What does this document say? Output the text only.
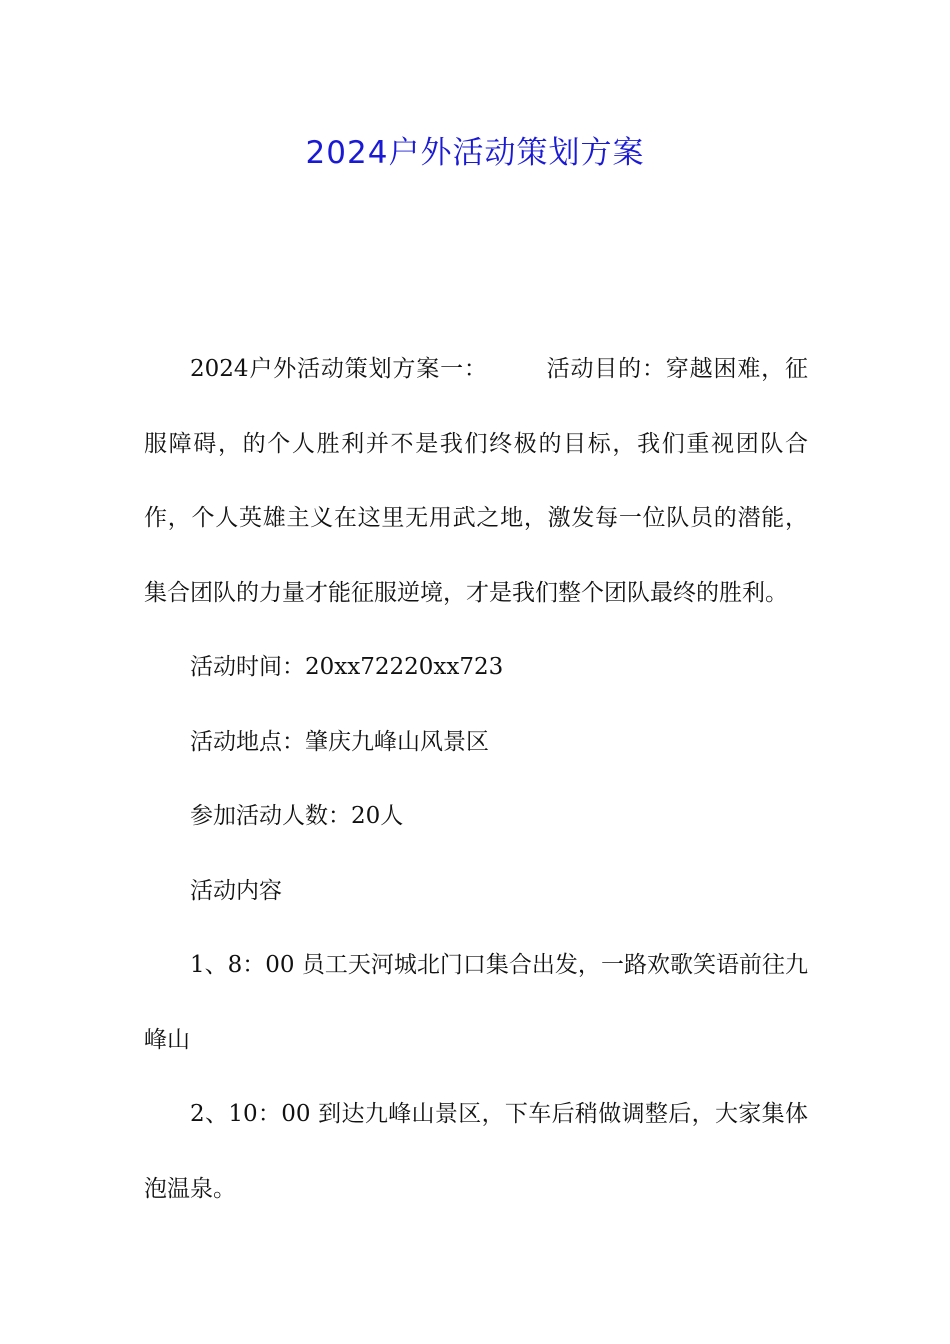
2024户外活动策划方案

2024户外活动策划方案一：	活动目的：穿越困难，征服障碍，的个人胜利并不是我们终极的目标，我们重视团队合作，个人英雄主义在这里无用武之地，激发每一位队员的潜能，集合团队的力量才能征服逆境，才是我们整个团队最终的胜利。

活动时间：20xx72220xx723

活动地点：肇庆九峰山风景区

参加活动人数：20人

活动内容

1、8：00 员工天河城北门口集合出发，一路欢歌笑语前往九峰山

2、10：00 到达九峰山景区，下车后稍做调整后，大家集体泡温泉。
